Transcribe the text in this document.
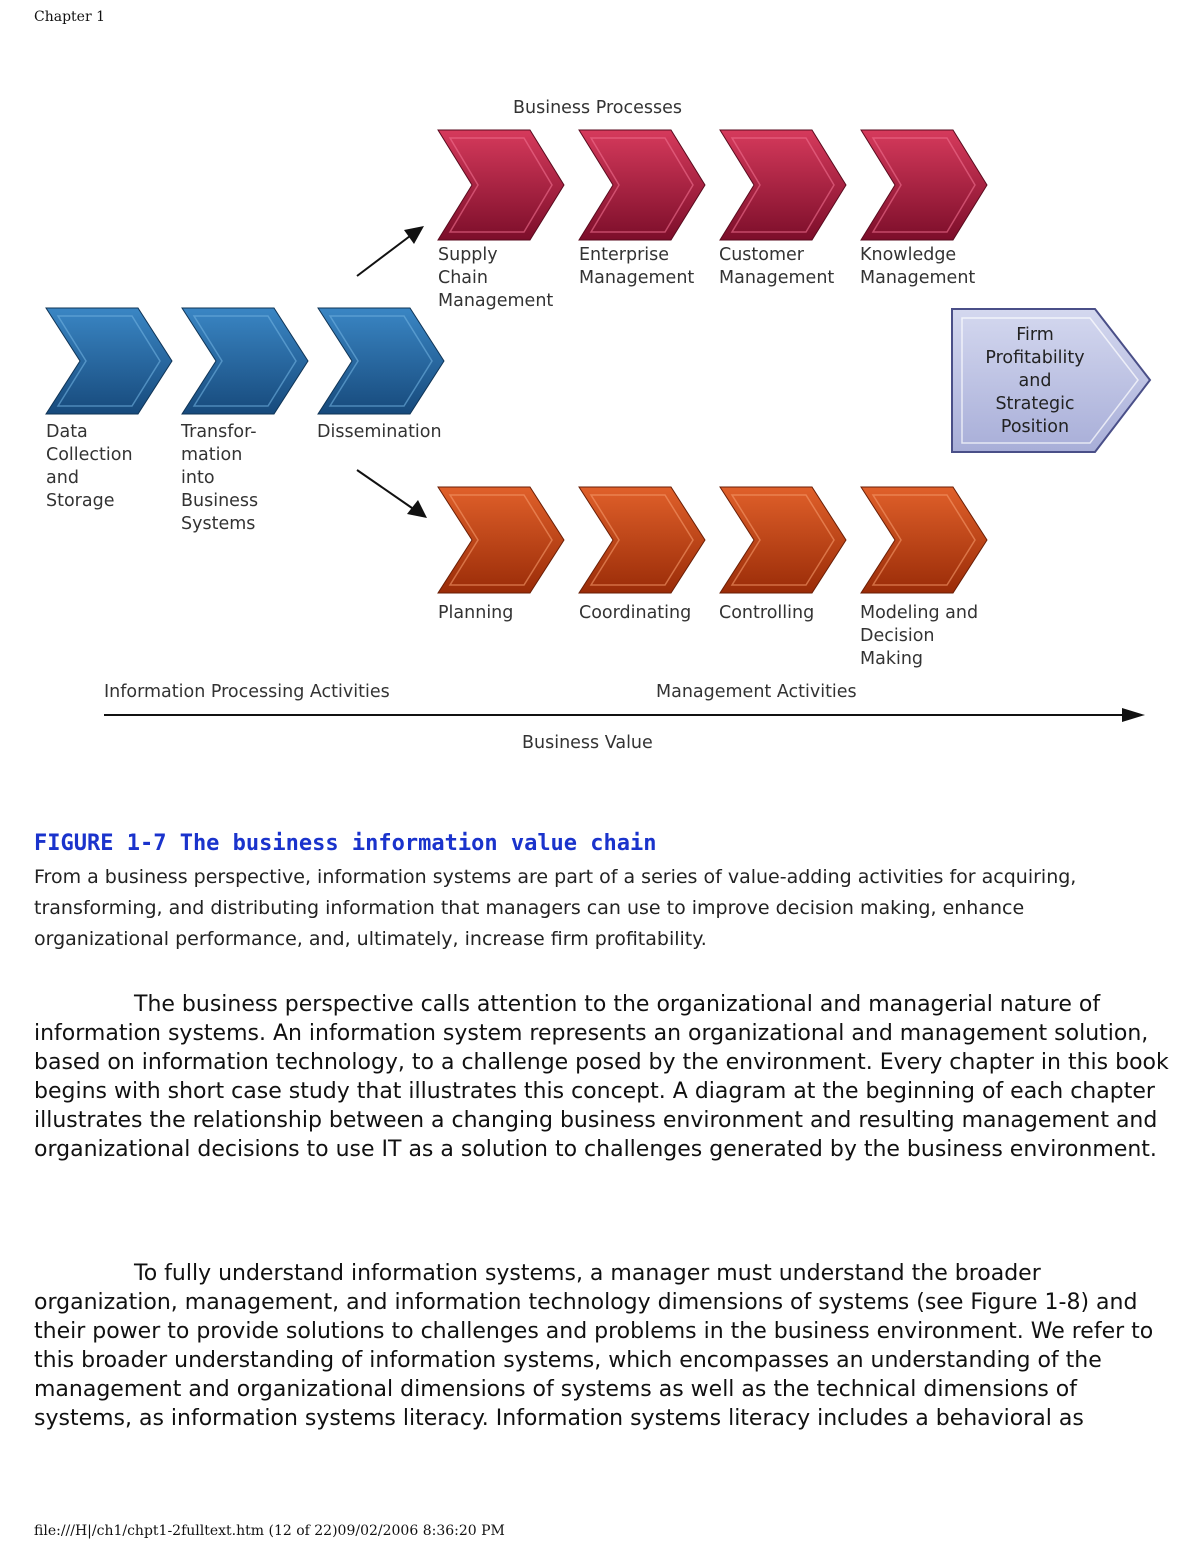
Chapter 1
Business Processes
Data
Collection
and
Storage
Transfor-
mation
into
Business
Systems
Dissemination
Supply
Chain
Management
Enterprise
Management
Customer
Management
Knowledge
Management
Planning	Coordinating Controlling	Modeling and
Decision
Making
Firm
Profitability
and
Strategic
Position
Information Processing Activities	Management Activities
Business Value
FIGURE 1-7 The business information value chain
From a business perspective, information systems are part of a series of value-adding activities for acquiring, transforming, and distributing information that managers can use to improve decision making, enhance organizational performance, and, ultimately, increase firm profitability.
The business perspective calls attention to the organizational and managerial nature of information systems. An information system represents an organizational and management solution, based on information technology, to a challenge posed by the environment. Every chapter in this book begins with short case study that illustrates this concept. A diagram at the beginning of each chapter illustrates the relationship between a changing business environment and resulting management and organizational decisions to use IT as a solution to challenges generated by the business environment.
To fully understand information systems, a manager must understand the broader organization, management, and information technology dimensions of systems (see Figure 1-8) and their power to provide solutions to challenges and problems in the business environment. We refer to this broader understanding of information systems, which encompasses an understanding of the management and organizational dimensions of systems as well as the technical dimensions of systems, as information systems literacy. Information systems literacy includes a behavioral as
file:///H|/ch1/chpt1-2fulltext.htm (12 of 22)09/02/2006 8:36:20 PM
